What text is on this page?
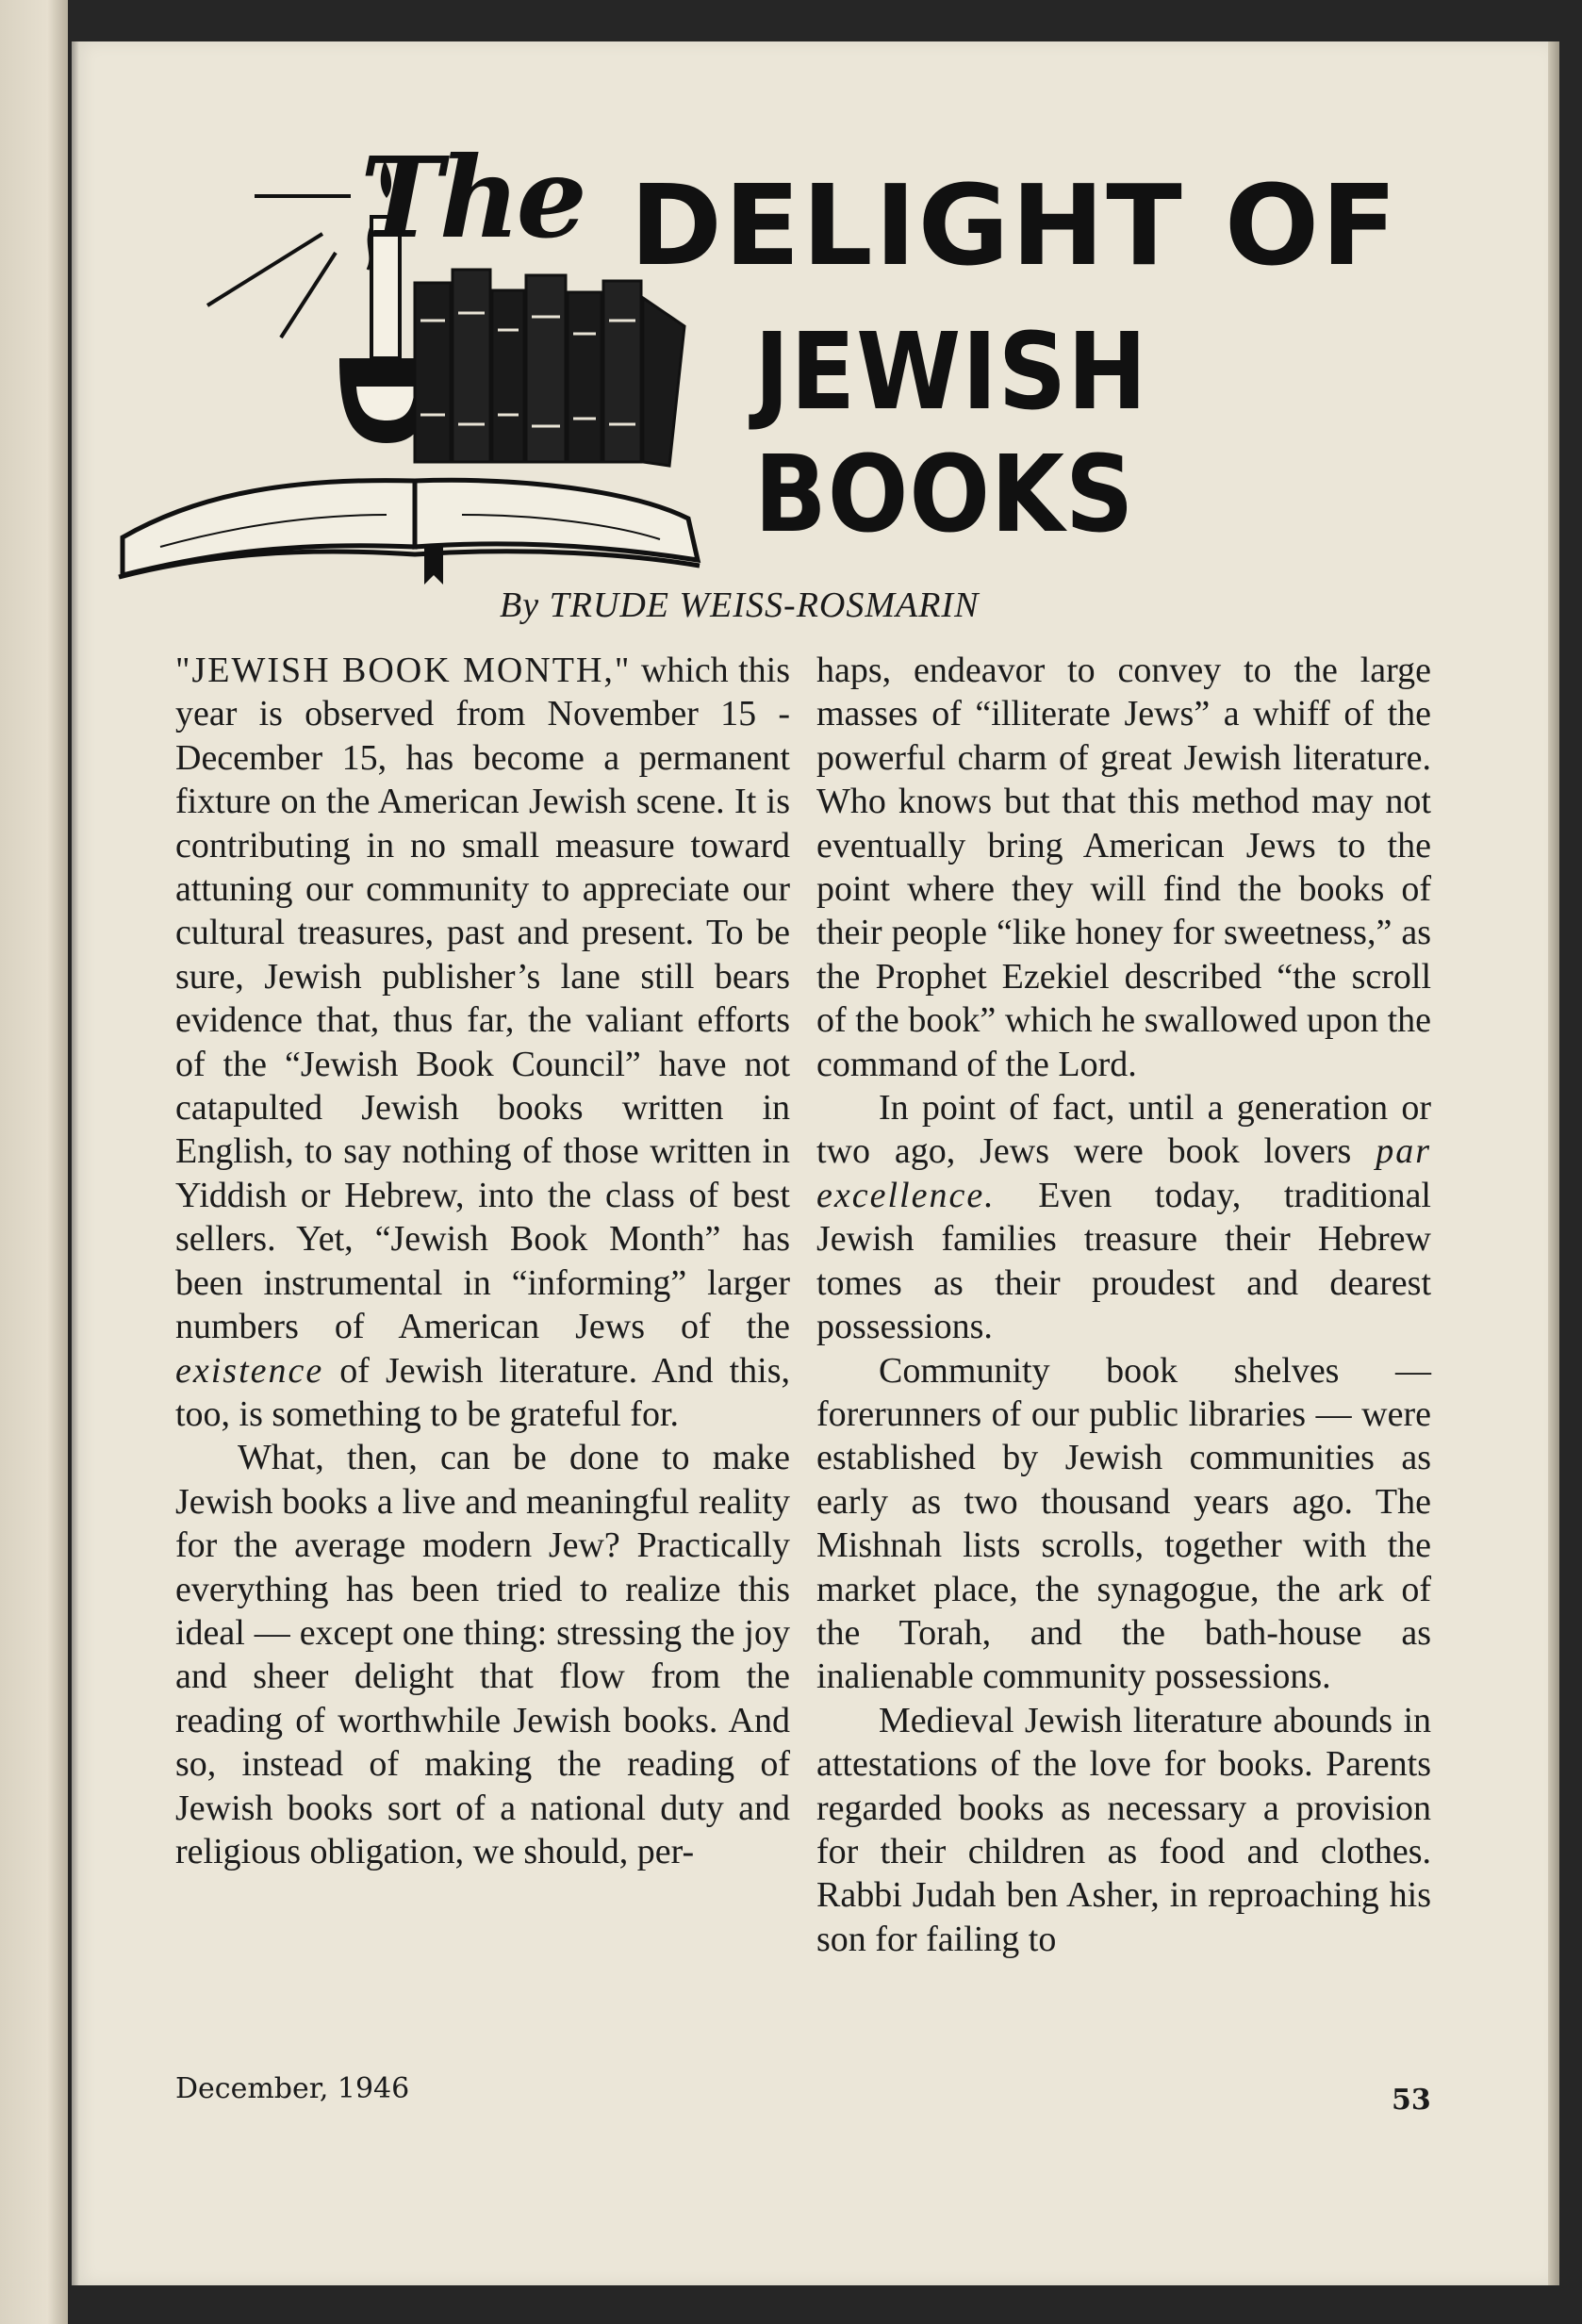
The DELIGHT OF
JEWISH BOOKS
By TRUDE WEISS-ROSMARIN

"JEWISH BOOK MONTH," which this year is observed from November 15 - December 15, has become a permanent fixture on the American Jewish scene. It is contributing in no small measure toward attuning our community to appreciate our cultural treasures, past and present. To be sure, Jewish publisher’s lane still bears evidence that, thus far, the valiant efforts of the “Jewish Book Council” have not catapulted Jewish books written in English, to say nothing of those written in Yiddish or Hebrew, into the class of best sellers. Yet, “Jewish Book Month” has been instrumental in “informing” larger numbers of American Jews of the existence of Jewish literature. And this, too, is something to be grateful for.

What, then, can be done to make Jewish books a live and meaningful reality for the average modern Jew? Practically everything has been tried to realize this ideal — except one thing: stressing the joy and sheer delight that flow from the reading of worthwhile Jewish books. And so, instead of making the reading of Jewish books sort of a national duty and religious obligation, we should, per-

haps, endeavor to convey to the large masses of “illiterate Jews” a whiff of the powerful charm of great Jewish literature. Who knows but that this method may not eventually bring American Jews to the point where they will find the books of their people “like honey for sweetness,” as the Prophet Ezekiel described “the scroll of the book” which he swallowed upon the command of the Lord.

In point of fact, until a generation or two ago, Jews were book lovers par excellence. Even today, traditional Jewish families treasure their Hebrew tomes as their proudest and dearest possessions.

Community book shelves — forerunners of our public libraries — were established by Jewish communities as early as two thousand years ago. The Mishnah lists scrolls, together with the market place, the synagogue, the ark of the Torah, and the bath-house as inalienable community possessions.

Medieval Jewish literature abounds in attestations of the love for books. Parents regarded books as necessary a provision for their children as food and clothes. Rabbi Judah ben Asher, in reproaching his son for failing to

December, 1946	53
